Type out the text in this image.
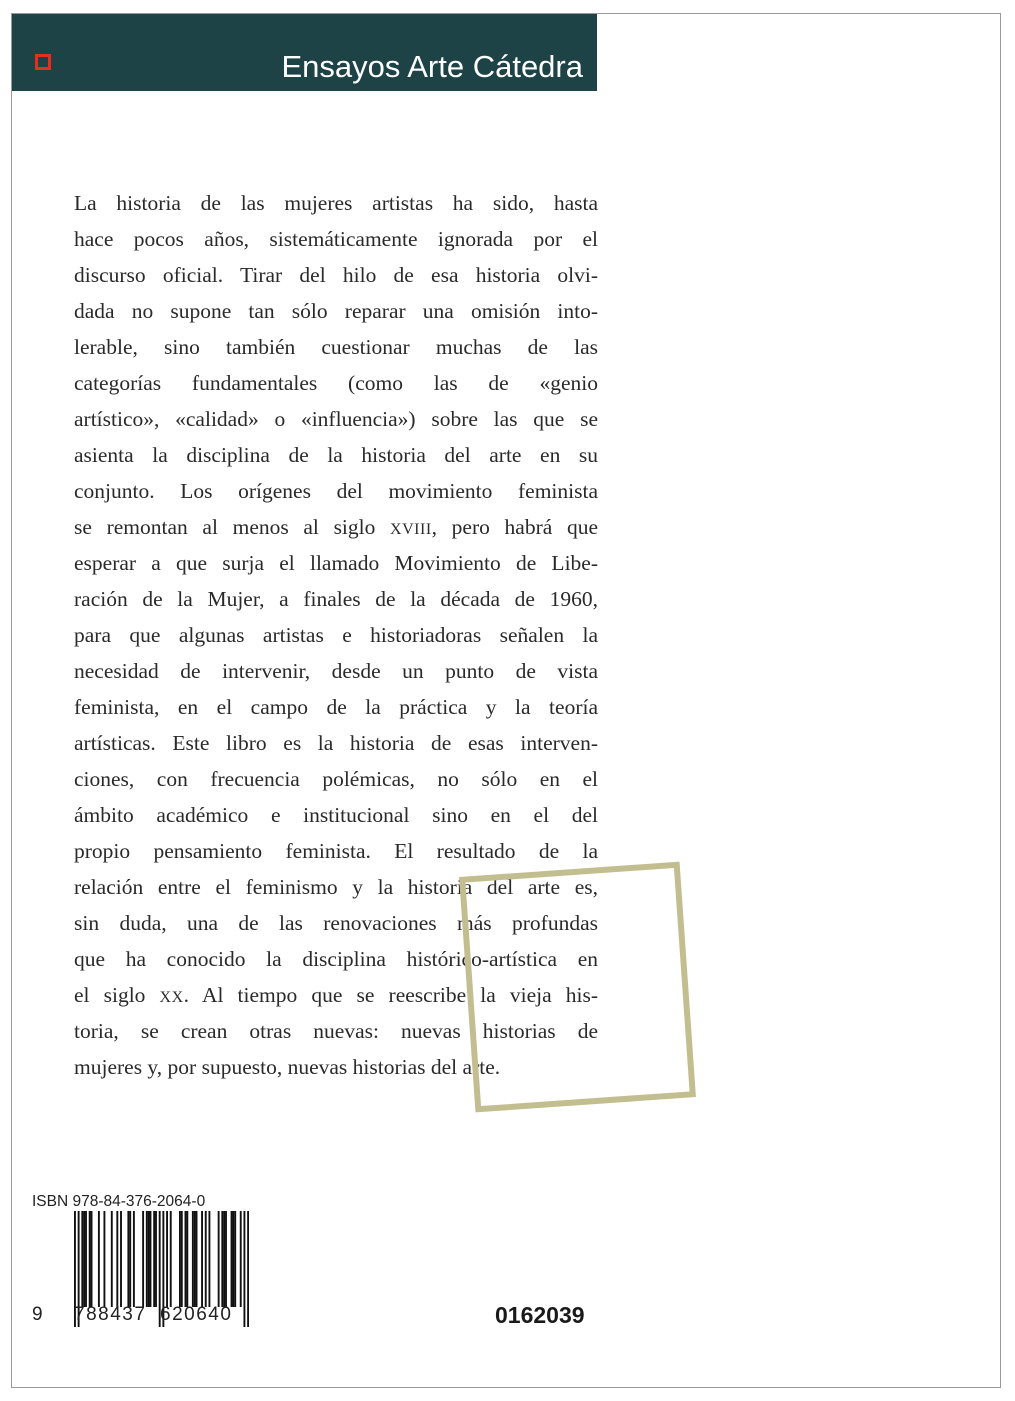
Ensayos Arte Cátedra
La historia de las mujeres artistas ha sido, hasta
hace pocos años, sistemáticamente ignorada por el
discurso oficial. Tirar del hilo de esa historia olvi-
dada no supone tan sólo reparar una omisión into-
lerable, sino también cuestionar muchas de las
categorías fundamentales (como las de «genio
artístico», «calidad» o «influencia») sobre las que se
asienta la disciplina de la historia del arte en su
conjunto. Los orígenes del movimiento feminista
se remontan al menos al siglo XVIII, pero habrá que
esperar a que surja el llamado Movimiento de Libe-
ración de la Mujer, a finales de la década de 1960,
para que algunas artistas e historiadoras señalen la
necesidad de intervenir, desde un punto de vista
feminista, en el campo de la práctica y la teoría
artísticas. Este libro es la historia de esas interven-
ciones, con frecuencia polémicas, no sólo en el
ámbito académico e institucional sino en el del
propio pensamiento feminista. El resultado de la
relación entre el feminismo y la historia del arte es,
sin duda, una de las renovaciones más profundas
que ha conocido la disciplina histórico-artística en
el siglo XX. Al tiempo que se reescribe la vieja his-
toria, se crean otras nuevas: nuevas historias de
mujeres y, por supuesto, nuevas historias del arte.
ISBN 978-84-376-2064-0
9 788437 620640	0162039
